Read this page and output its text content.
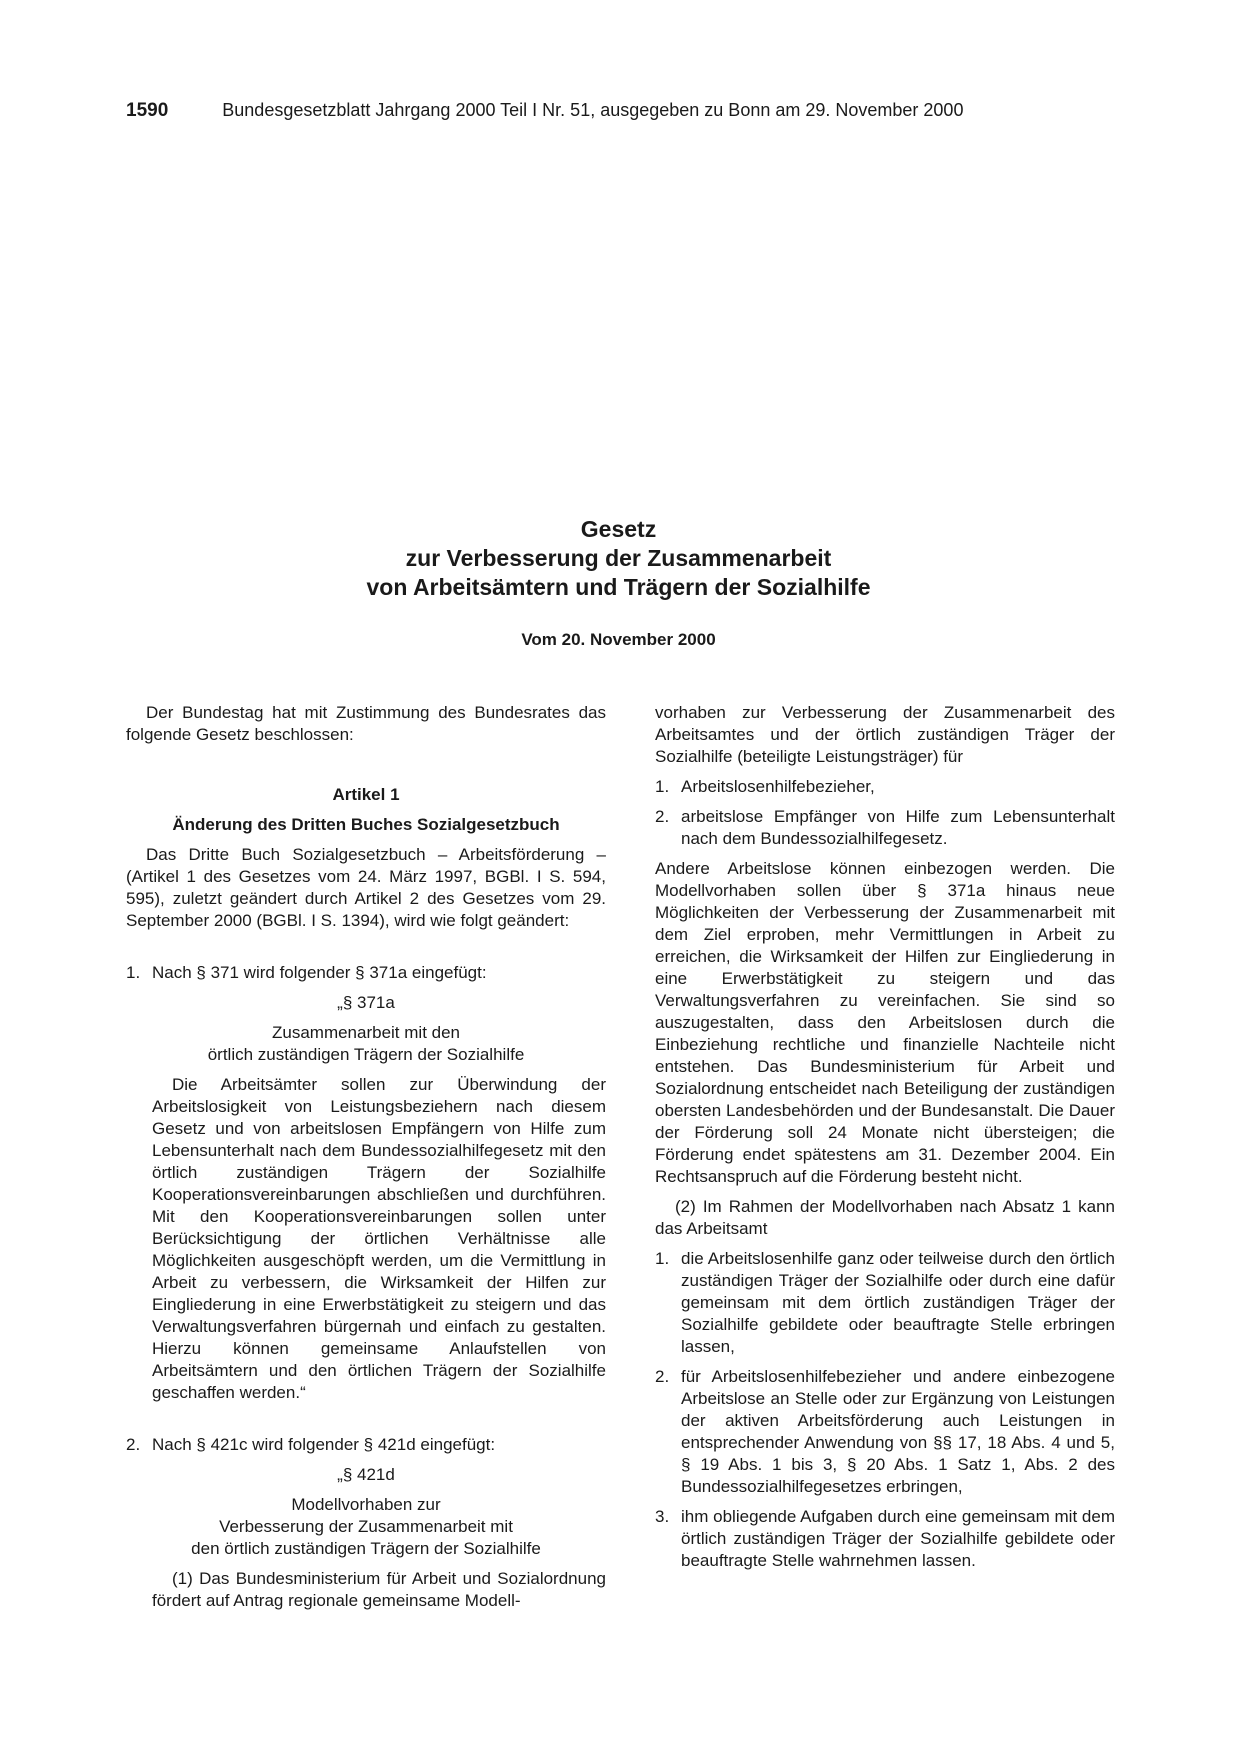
1590	Bundesgesetzblatt Jahrgang 2000 Teil I Nr. 51, ausgegeben zu Bonn am 29. November 2000
Gesetz
zur Verbesserung der Zusammenarbeit
von Arbeitsämtern und Trägern der Sozialhilfe
Vom 20. November 2000

Der Bundestag hat mit Zustimmung des Bundesrates das folgende Gesetz beschlossen:

Artikel 1

Änderung des Dritten Buches Sozialgesetzbuch

Das Dritte Buch Sozialgesetzbuch – Arbeitsförderung – (Artikel 1 des Gesetzes vom 24. März 1997, BGBl. I S. 594, 595), zuletzt geändert durch Artikel 2 des Gesetzes vom 29. September 2000 (BGBl. I S. 1394), wird wie folgt geändert:

1. Nach § 371 wird folgender § 371a eingefügt:

„§ 371a

Zusammenarbeit mit den

örtlich zuständigen Trägern der Sozialhilfe

Die Arbeitsämter sollen zur Überwindung der Arbeitslosigkeit von Leistungsbeziehern nach diesem Gesetz und von arbeitslosen Empfängern von Hilfe zum Lebensunterhalt nach dem Bundessozialhilfegesetz mit den örtlich zuständigen Trägern der Sozialhilfe Kooperationsvereinbarungen abschließen und durchführen. Mit den Kooperationsvereinbarungen sollen unter Berücksichtigung der örtlichen Verhältnisse alle Möglichkeiten ausgeschöpft werden, um die Vermittlung in Arbeit zu verbessern, die Wirksamkeit der Hilfen zur Eingliederung in eine Erwerbstätigkeit zu steigern und das Verwaltungsverfahren bürgernah und einfach zu gestalten. Hierzu können gemeinsame Anlaufstellen von Arbeitsämtern und den örtlichen Trägern der Sozialhilfe geschaffen werden.“

2. Nach § 421c wird folgender § 421d eingefügt:

„§ 421d

Modellvorhaben zur

Verbesserung der Zusammenarbeit mit

den örtlich zuständigen Trägern der Sozialhilfe

(1) Das Bundesministerium für Arbeit und Sozialordnung fördert auf Antrag regionale gemeinsame Modell-

vorhaben zur Verbesserung der Zusammenarbeit des Arbeitsamtes und der örtlich zuständigen Träger der Sozialhilfe (beteiligte Leistungsträger) für

1. Arbeitslosenhilfebezieher,
2. arbeitslose Empfänger von Hilfe zum Lebensunterhalt nach dem Bundessozialhilfegesetz.

Andere Arbeitslose können einbezogen werden. Die Modellvorhaben sollen über § 371a hinaus neue Möglichkeiten der Verbesserung der Zusammenarbeit mit dem Ziel erproben, mehr Vermittlungen in Arbeit zu erreichen, die Wirksamkeit der Hilfen zur Eingliederung in eine Erwerbstätigkeit zu steigern und das Verwaltungsverfahren zu vereinfachen. Sie sind so auszugestalten, dass den Arbeitslosen durch die Einbeziehung rechtliche und finanzielle Nachteile nicht entstehen. Das Bundesministerium für Arbeit und Sozialordnung entscheidet nach Beteiligung der zuständigen obersten Landesbehörden und der Bundesanstalt. Die Dauer der Förderung soll 24 Monate nicht übersteigen; die Förderung endet spätestens am 31. Dezember 2004. Ein Rechtsanspruch auf die Förderung besteht nicht.

(2) Im Rahmen der Modellvorhaben nach Absatz 1 kann das Arbeitsamt

1. die Arbeitslosenhilfe ganz oder teilweise durch den örtlich zuständigen Träger der Sozialhilfe oder durch eine dafür gemeinsam mit dem örtlich zuständigen Träger der Sozialhilfe gebildete oder beauftragte Stelle erbringen lassen,
2. für Arbeitslosenhilfebezieher und andere einbezogene Arbeitslose an Stelle oder zur Ergänzung von Leistungen der aktiven Arbeitsförderung auch Leistungen in entsprechender Anwendung von §§ 17, 18 Abs. 4 und 5, § 19 Abs. 1 bis 3, § 20 Abs. 1 Satz 1, Abs. 2 des Bundessozialhilfegesetzes erbringen,
3. ihm obliegende Aufgaben durch eine gemeinsam mit dem örtlich zuständigen Träger der Sozialhilfe gebildete oder beauftragte Stelle wahrnehmen lassen.
